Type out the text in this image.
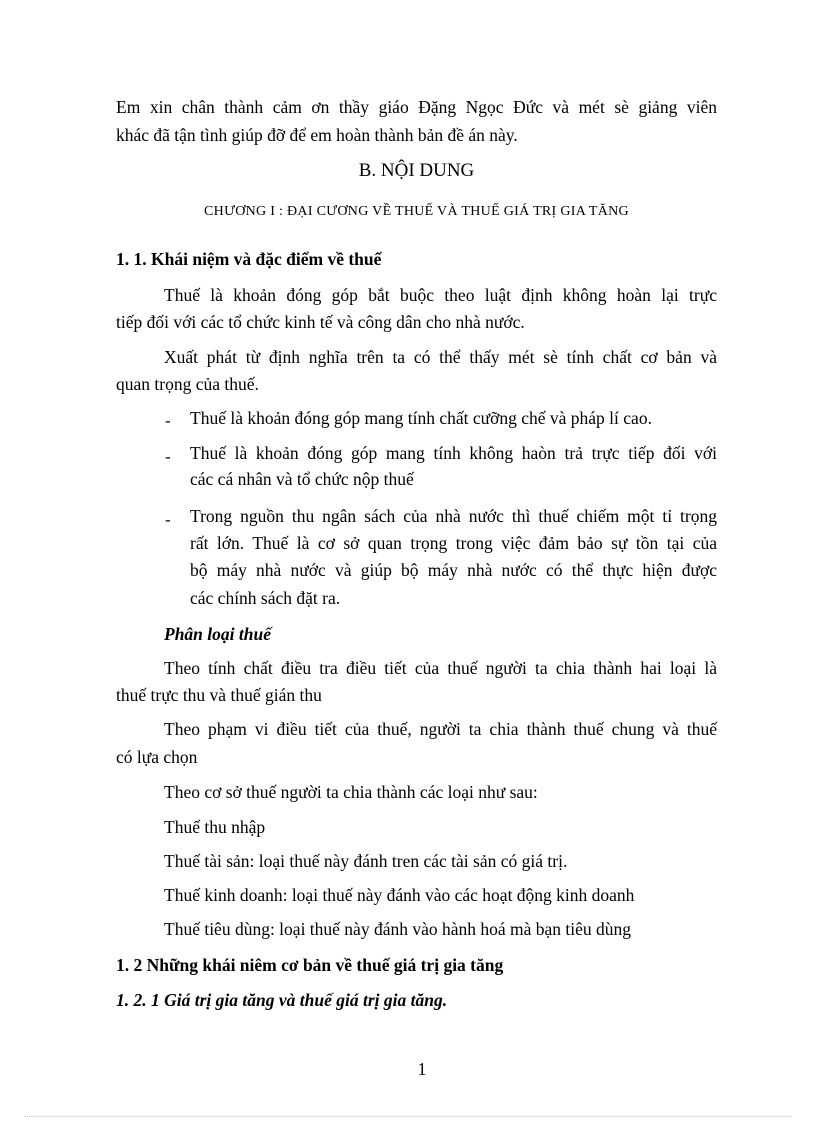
Em xin chân thành cảm ơn thầy giáo Đặng Ngọc Đức và mét sè giảng viên
khác đã tận tình giúp đỡ để em hoàn thành bản đề án này.
B. NỘI DUNG
CHƯƠNG I : ĐẠI CƯƠNG VỀ THUẾ VÀ THUẾ GIÁ TRỊ GIA TĂNG
1. 1. Khái niệm và đặc điểm về thuế
Thuế là khoản đóng góp bắt buộc theo luật định không hoàn lại trực
tiếp đối với các tổ chức kinh tế và công dân cho nhà nước.
Xuất phát từ định nghĩa trên ta có thể thấy mét sè tính chất cơ bản và
quan trọng của thuế.
- Thuế là khoản đóng góp mang tính chất cưỡng chế và pháp lí cao.
- Thuế là khoản đóng góp mang tính không haòn trả trực tiếp đối với
các cá nhân và tổ chức nộp thuế
- Trong nguồn thu ngân sách của nhà nước thì thuế chiếm một tỉ trọng
rất lớn. Thuế là cơ sở quan trọng trong việc đảm bảo sự tồn tại của
bộ máy nhà nước và giúp bộ máy nhà nước có thể thực hiện được
các chính sách đặt ra.
Phân loại thuế
Theo tính chất điều tra điều tiết của thuế người ta chia thành hai loại là
thuế trực thu và thuế gián thu
Theo phạm vi điều tiết của thuế, người ta chia thành thuế chung và thuế
có lựa chọn
Theo cơ sở thuế người ta chia thành các loại như sau:
Thuế thu nhập
Thuế tài sản: loại thuế này đánh tren các tài sản có giá trị.
Thuế kinh doanh: loại thuế này đánh vào các hoạt động kinh doanh
Thuế tiêu dùng: loại thuế này đánh vào hành hoá mà bạn tiêu dùng
1. 2 Những khái niêm cơ bản về thuế giá trị gia tăng
1. 2. 1 Giá trị gia tăng và thuế giá trị gia tăng.
1
